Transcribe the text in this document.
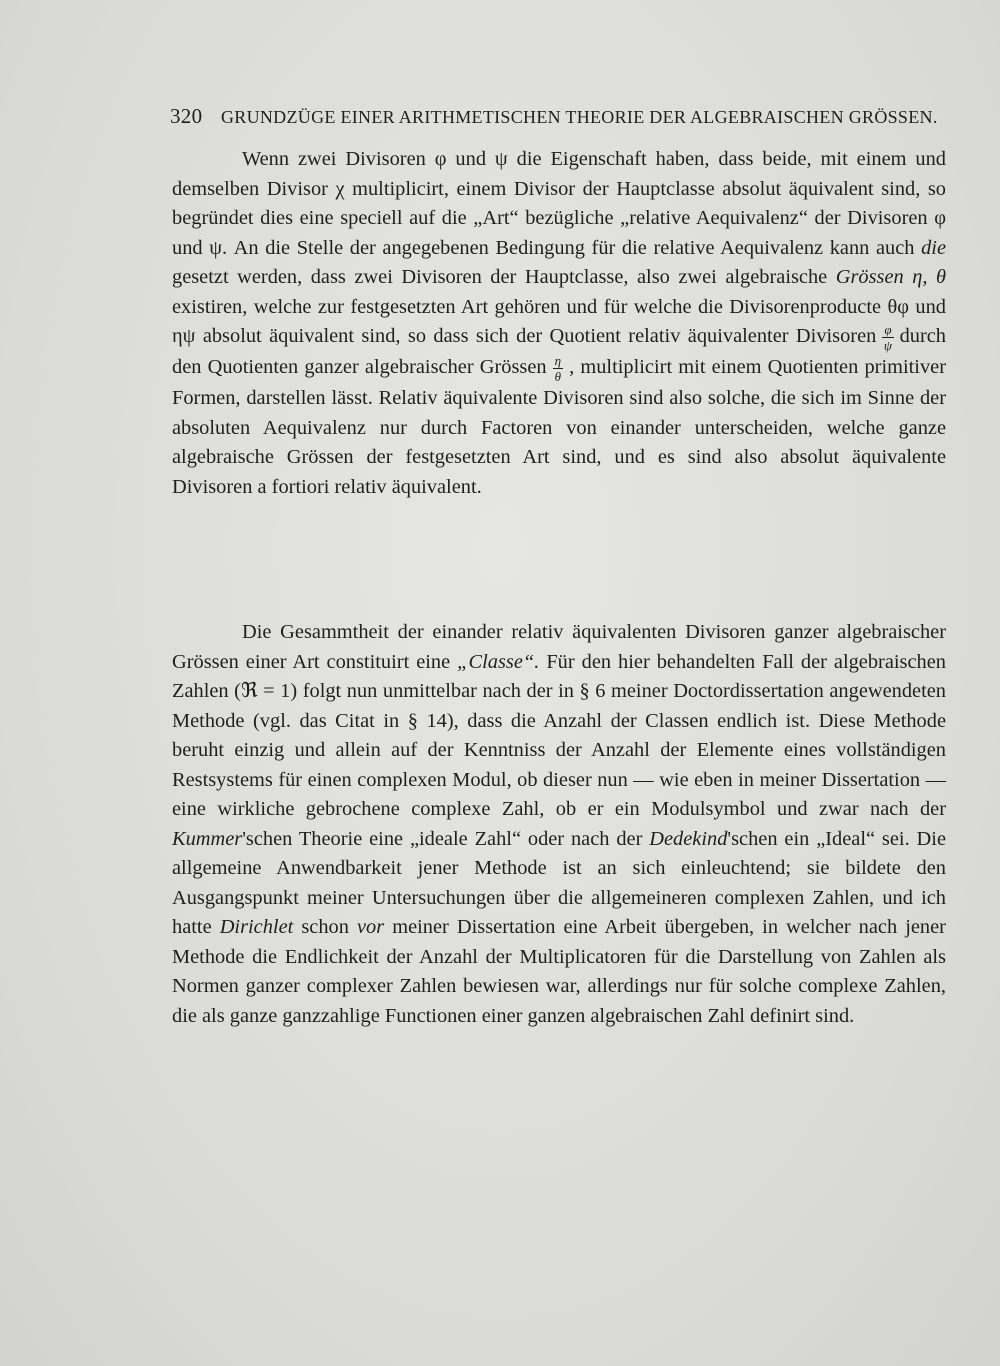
320 GRUNDZÜGE EINER ARITHMETISCHEN THEORIE DER ALGEBRAISCHEN GRÖSSEN.

Wenn zwei Divisoren φ und ψ die Eigenschaft haben, dass beide, mit einem und demselben Divisor χ multiplicirt, einem Divisor der Hauptclasse absolut äquivalent sind, so begründet dies eine speciell auf die „Art“ bezügliche „relative Aequivalenz“ der Divisoren φ und ψ. An die Stelle der angegebenen Bedingung für die relative Aequivalenz kann auch die gesetzt werden, dass zwei Divisoren der Hauptclasse, also zwei algebraische Grössen η, θ existiren, welche zur festgesetzten Art gehören und für welche die Divisorenproducte θφ und ηψ absolut äquivalent sind, so dass sich der Quotient relativ äquivalenter Divisoren $\frac{\varphi}{\psi}$ durch den Quotienten ganzer algebraischer Grössen $\frac{\eta}{\theta}$ , multiplicirt mit einem Quotienten primitiver Formen, darstellen lässt. Relativ äquivalente Divisoren sind also solche, die sich im Sinne der absoluten Aequivalenz nur durch Factoren von einander unterscheiden, welche ganze algebraische Grössen der festgesetzten Art sind, und es sind also absolut äquivalente Divisoren a fortiori relativ äquivalent.

Die Gesammtheit der einander relativ äquivalenten Divisoren ganzer algebraischer Grössen einer Art constituirt eine „Classe“. Für den hier behandelten Fall der algebraischen Zahlen (ℜ = 1) folgt nun unmittelbar nach der in § 6 meiner Doctordissertation angewendeten Methode (vgl. das Citat in § 14), dass die Anzahl der Classen endlich ist. Diese Methode beruht einzig und allein auf der Kenntniss der Anzahl der Elemente eines vollständigen Restsystems für einen complexen Modul, ob dieser nun — wie eben in meiner Dissertation — eine wirkliche gebrochene complexe Zahl, ob er ein Modulsymbol und zwar nach der Kummer'schen Theorie eine „ideale Zahl“ oder nach der Dedekind'schen ein „Ideal“ sei. Die allgemeine Anwendbarkeit jener Methode ist an sich einleuchtend; sie bildete den Ausgangspunkt meiner Untersuchungen über die allgemeineren complexen Zahlen, und ich hatte Dirichlet schon vor meiner Dissertation eine Arbeit übergeben, in welcher nach jener Methode die Endlichkeit der Anzahl der Multiplicatoren für die Darstellung von Zahlen als Normen ganzer complexer Zahlen bewiesen war, allerdings nur für solche complexe Zahlen, die als ganze ganzzahlige Functionen einer ganzen algebraischen Zahl definirt sind.
